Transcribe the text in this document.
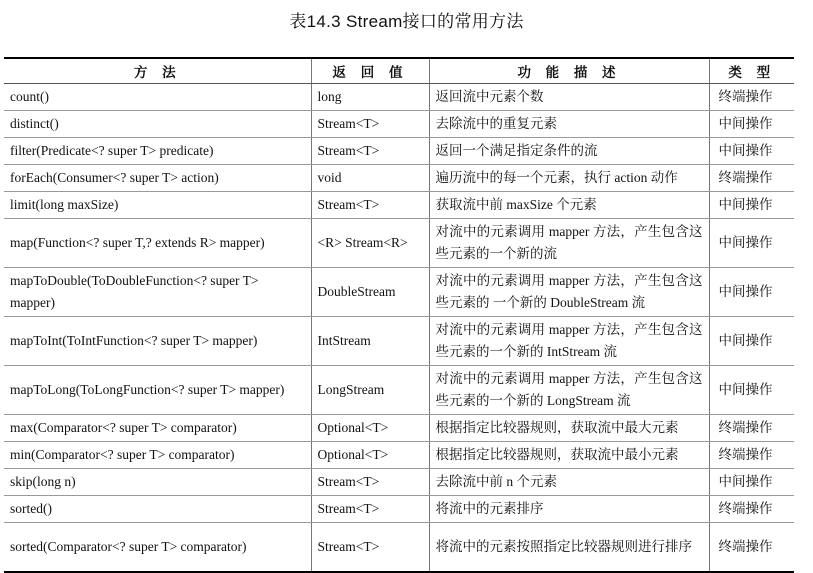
表14.3 Stream接口的常用方法
方 法	返 回 值	功 能 描 述	类 型
count()	long	返回流中元素个数	终端操作
distinct()	Stream<T>	去除流中的重复元素	中间操作
filter(Predicate<? super T> predicate)	Stream<T>	返回一个满足指定条件的流	中间操作
forEach(Consumer<? super T> action)	void	遍历流中的每一个元素，执行 action 动作	终端操作
limit(long maxSize)	Stream<T>	获取流中前 maxSize 个元素	中间操作
map(Function<? super T,? extends R> mapper)	<R> Stream<R>	对流中的元素调用 mapper 方法，产生包含这些元素的一个新的流	中间操作
mapToDouble(ToDoubleFunction<? super T> mapper)	DoubleStream	对流中的元素调用 mapper 方法，产生包含这些元素的 一个新的 DoubleStream 流	中间操作
mapToInt(ToIntFunction<? super T> mapper)	IntStream	对流中的元素调用 mapper 方法，产生包含这些元素的一个新的 IntStream 流	中间操作
mapToLong(ToLongFunction<? super T> mapper)	LongStream	对流中的元素调用 mapper 方法，产生包含这些元素的一个新的 LongStream 流	中间操作
max(Comparator<? super T> comparator)	Optional<T>	根据指定比较器规则，获取流中最大元素	终端操作
min(Comparator<? super T> comparator)	Optional<T>	根据指定比较器规则，获取流中最小元素	终端操作
skip(long n)	Stream<T>	去除流中前 n 个元素	中间操作
sorted()	Stream<T>	将流中的元素排序	终端操作
sorted(Comparator<? super T> comparator)	Stream<T>	将流中的元素按照指定比较器规则进行排序	终端操作
